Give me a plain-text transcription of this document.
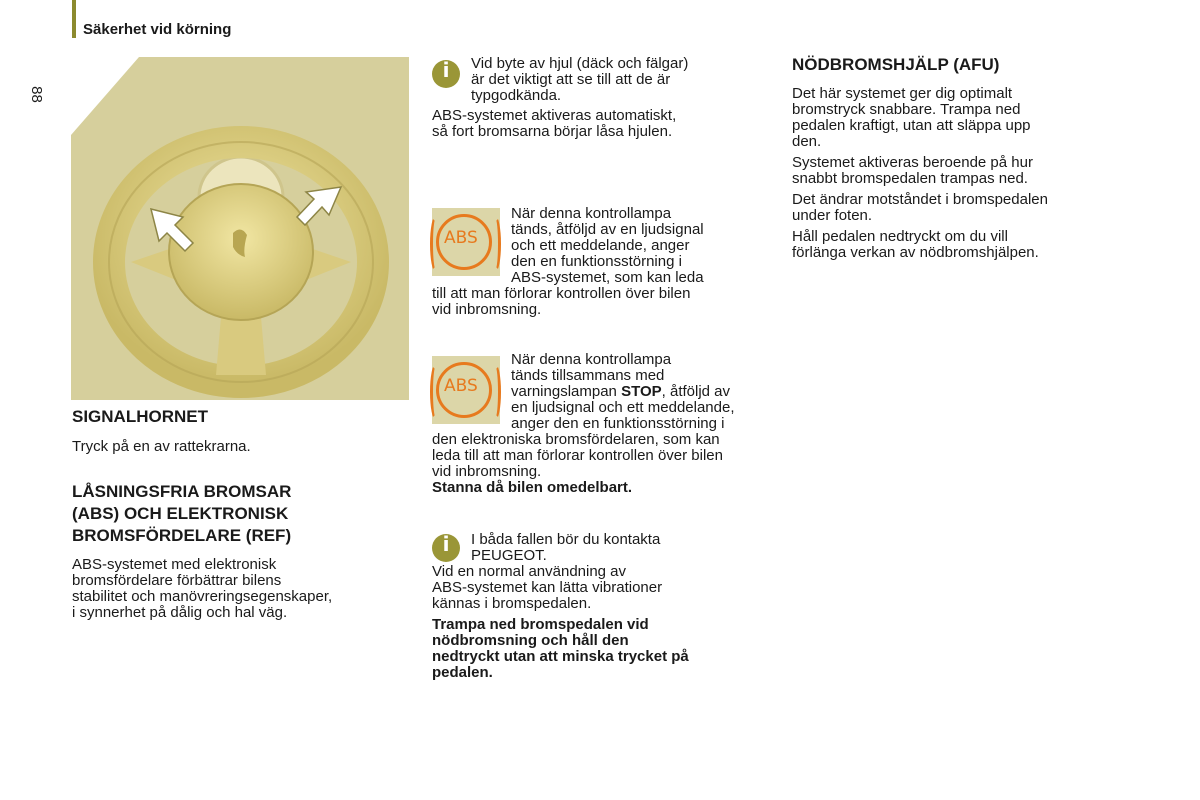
Säkerhet vid körning
88
SIGNALHORNET

Tryck på en av rattekrarna.

LÅSNINGSFRIA BROMSAR
(ABS) OCH ELEKTRONISK
BROMSFÖRDELARE (REF)

ABS-systemet med elektronisk

bromsfördelare förbättrar bilens

stabilitet och manövreringsegenskaper,

i synnerhet på dålig och hal väg.

i	Vid byte av hjul (däck och fälgar)

är det viktigt att se till att de är

typgodkända.

ABS-systemet aktiveras automatiskt,

så fort bromsarna börjar låsa hjulen.

ABS

När denna kontrollampa

tänds, åtföljd av en ljudsignal

och ett meddelande, anger

den en funktionsstörning i

ABS-systemet, som kan leda

till att man förlorar kontrollen över bilen

vid inbromsning.

ABS

När denna kontrollampa

tänds tillsammans med

varningslampan STOP, åtföljd av

en ljudsignal och ett meddelande,

anger den en funktionsstörning i

den elektroniska bromsfördelaren, som kan

leda till att man förlorar kontrollen över bilen

vid inbromsning.

Stanna då bilen omedelbart.

i	I båda fallen bör du kontakta

PEUGEOT.

Vid en normal användning av

ABS-systemet kan lätta vibrationer

kännas i bromspedalen.

Trampa ned bromspedalen vid

nödbromsning och håll den

nedtryckt utan att minska trycket på

pedalen.

NÖDBROMSHJÄLP (AFU)

Det här systemet ger dig optimalt

bromstryck snabbare. Trampa ned

pedalen kraftigt, utan att släppa upp

den.

Systemet aktiveras beroende på hur

snabbt bromspedalen trampas ned.

Det ändrar motståndet i bromspedalen

under foten.

Håll pedalen nedtryckt om du vill

förlänga verkan av nödbromshjälpen.
